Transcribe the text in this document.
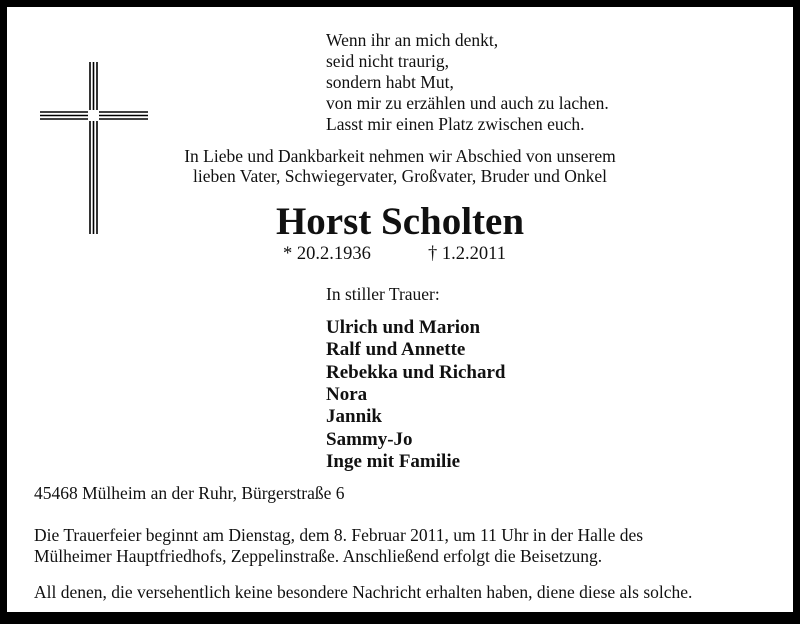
Wenn ihr an mich denkt,
seid nicht traurig,
sondern habt Mut,
von mir zu erzählen und auch zu lachen.
Lasst mir einen Platz zwischen euch.
In Liebe und Dankbarkeit nehmen wir Abschied von unserem
lieben Vater, Schwiegervater, Großvater, Bruder und Onkel
Horst Scholten
* 20.2.1936	† 1.2.2011
In stiller Trauer:
Ulrich und Marion
Ralf und Annette
Rebekka und Richard
Nora
Jannik
Sammy-Jo
Inge mit Familie
45468 Mülheim an der Ruhr, Bürgerstraße 6
Die Trauerfeier beginnt am Dienstag, dem 8. Februar 2011, um 11 Uhr in der Halle des
Mülheimer Hauptfriedhofs, Zeppelinstraße. Anschließend erfolgt die Beisetzung.
All denen, die versehentlich keine besondere Nachricht erhalten haben, diene diese als solche.
